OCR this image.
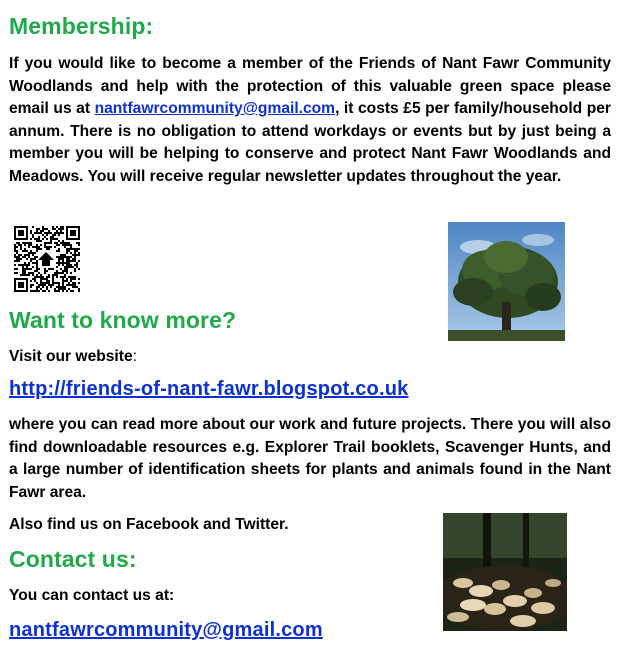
Membership:

If you would like to become a member of the Friends of Nant Fawr Community Woodlands and help with the protection of this valuable green space please email us at nantfawrcommunity@gmail.com, it costs £5 per family/household per annum. There is no obligation to attend workdays or events but by just being a member you will be helping to conserve and protect Nant Fawr Woodlands and Meadows. You will receive regular newsletter updates throughout the year.

Want to know more?

Visit our website:

http://friends-of-nant-fawr.blogspot.co.uk

where you can read more about our work and future projects. There you will also find downloadable resources e.g. Explorer Trail booklets, Scavenger Hunts, and a large number of identification sheets for plants and animals found in the Nant Fawr area.

Also find us on Facebook and Twitter.

Contact us:

You can contact us at:

nantfawrcommunity@gmail.com
